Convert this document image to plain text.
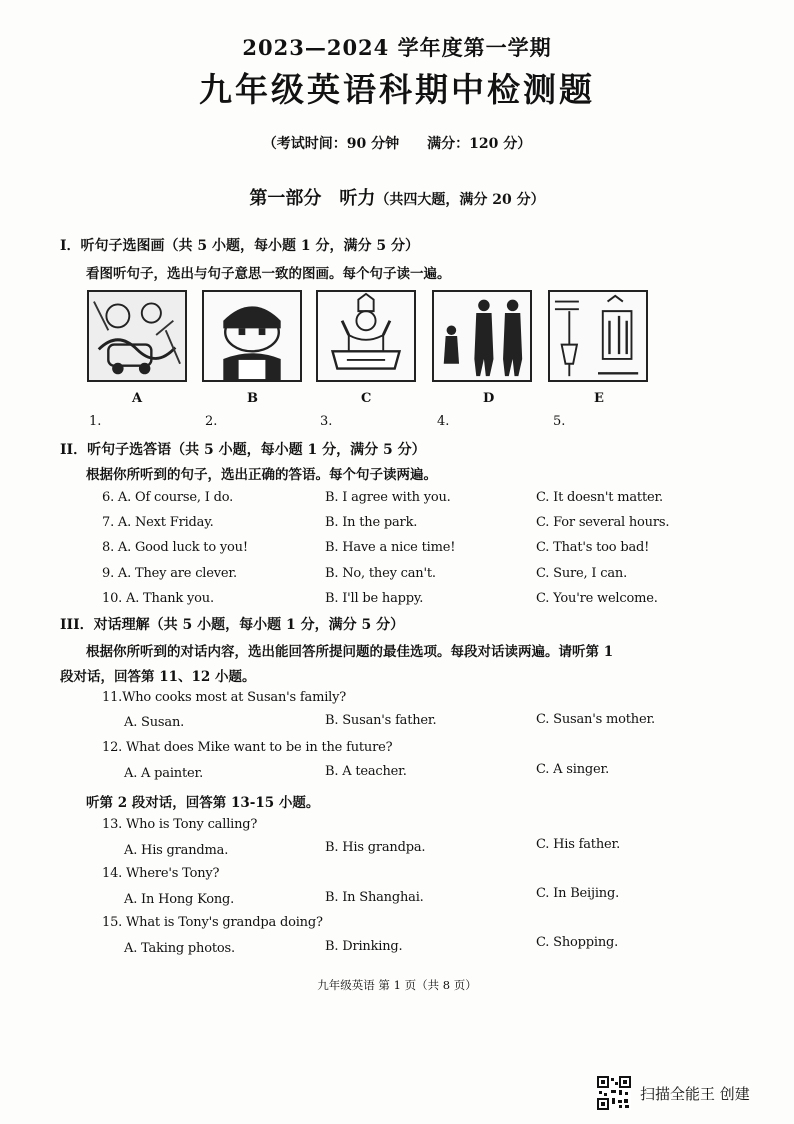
2023—2024 学年度第一学期
九年级英语科期中检测题
（考试时间：90 分钟　　满分：120 分）
第一部分　听力（共四大题，满分 20 分）
I．听句子选图画（共 5 小题，每小题 1 分，满分 5 分）
看图听句子，选出与句子意思一致的图画。每个句子读一遍。
A	B	C	D	E
1.	2.	3.	4.	5.
II．听句子选答语（共 5 小题，每小题 1 分，满分 5 分）
根据你所听到的句子，选出正确的答语。每个句子读两遍。
6. A. Of course, I do.	B. I agree with you.	C. It doesn't matter.
7. A. Next Friday.	B. In the park.	C. For several hours.
8. A. Good luck to you!	B. Have a nice time!	C. That's too bad!
9. A. They are clever.	B. No, they can't.	C. Sure, I can.
10. A. Thank you.	B. I'll be happy.	C. You're welcome.
III．对话理解（共 5 小题，每小题 1 分，满分 5 分）
根据你所听到的对话内容，选出能回答所提问题的最佳选项。每段对话读两遍。请听第 1
段对话，回答第 11、12 小题。
11.Who cooks most at Susan's family?
A. Susan.	B. Susan's father.	C. Susan's mother.
12. What does Mike want to be in the future?
A. A painter.	B. A teacher.	C. A singer.
听第 2 段对话，回答第 13-15 小题。
13. Who is Tony calling?
A. His grandma.	B. His grandpa.	C. His father.
14. Where's Tony?
A. In Hong Kong.	B. In Shanghai.	C. In Beijing.
15. What is Tony's grandpa doing?
A. Taking photos.	B. Drinking.	C. Shopping.
九年级英语 第 1 页（共 8 页）
扫描全能王 创建
